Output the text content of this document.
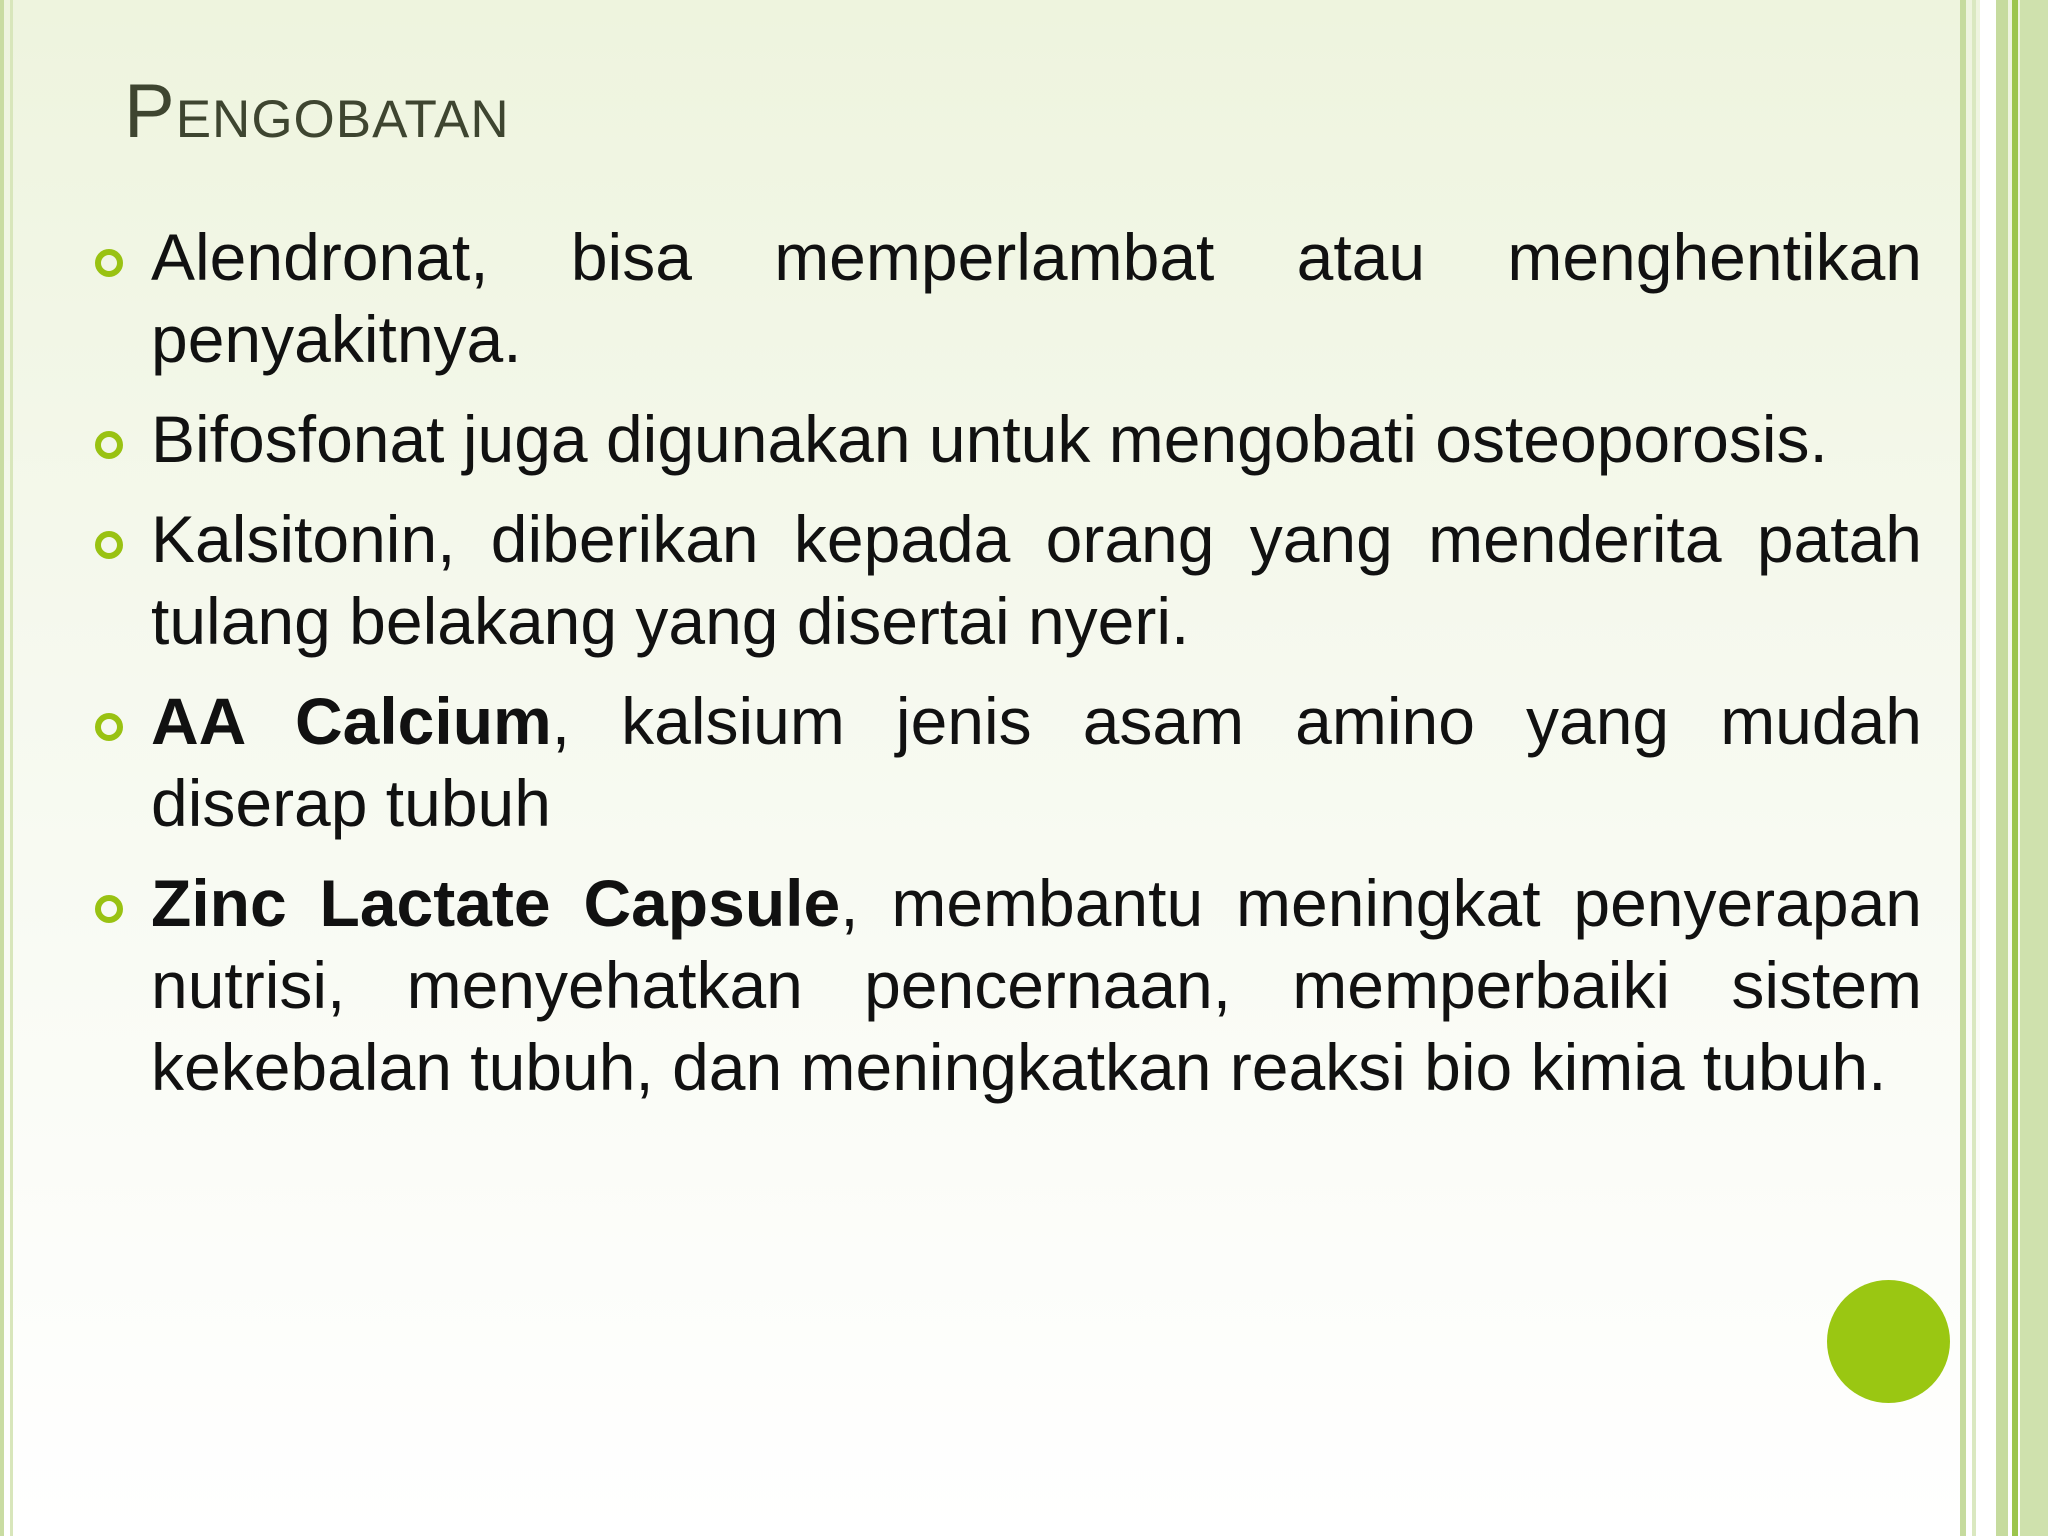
Pengobatan
Alendronat, bisa memperlambat atau menghentikan penyakitnya.
Bifosfonat juga digunakan untuk mengobati osteoporosis.
Kalsitonin, diberikan kepada orang yang menderita patah tulang belakang yang disertai nyeri.
AA Calcium, kalsium jenis asam amino yang mudah diserap tubuh
Zinc Lactate Capsule, membantu meningkat penyerapan nutrisi, menyehatkan pencernaan, memperbaiki sistem kekebalan tubuh, dan meningkatkan reaksi bio kimia tubuh.
